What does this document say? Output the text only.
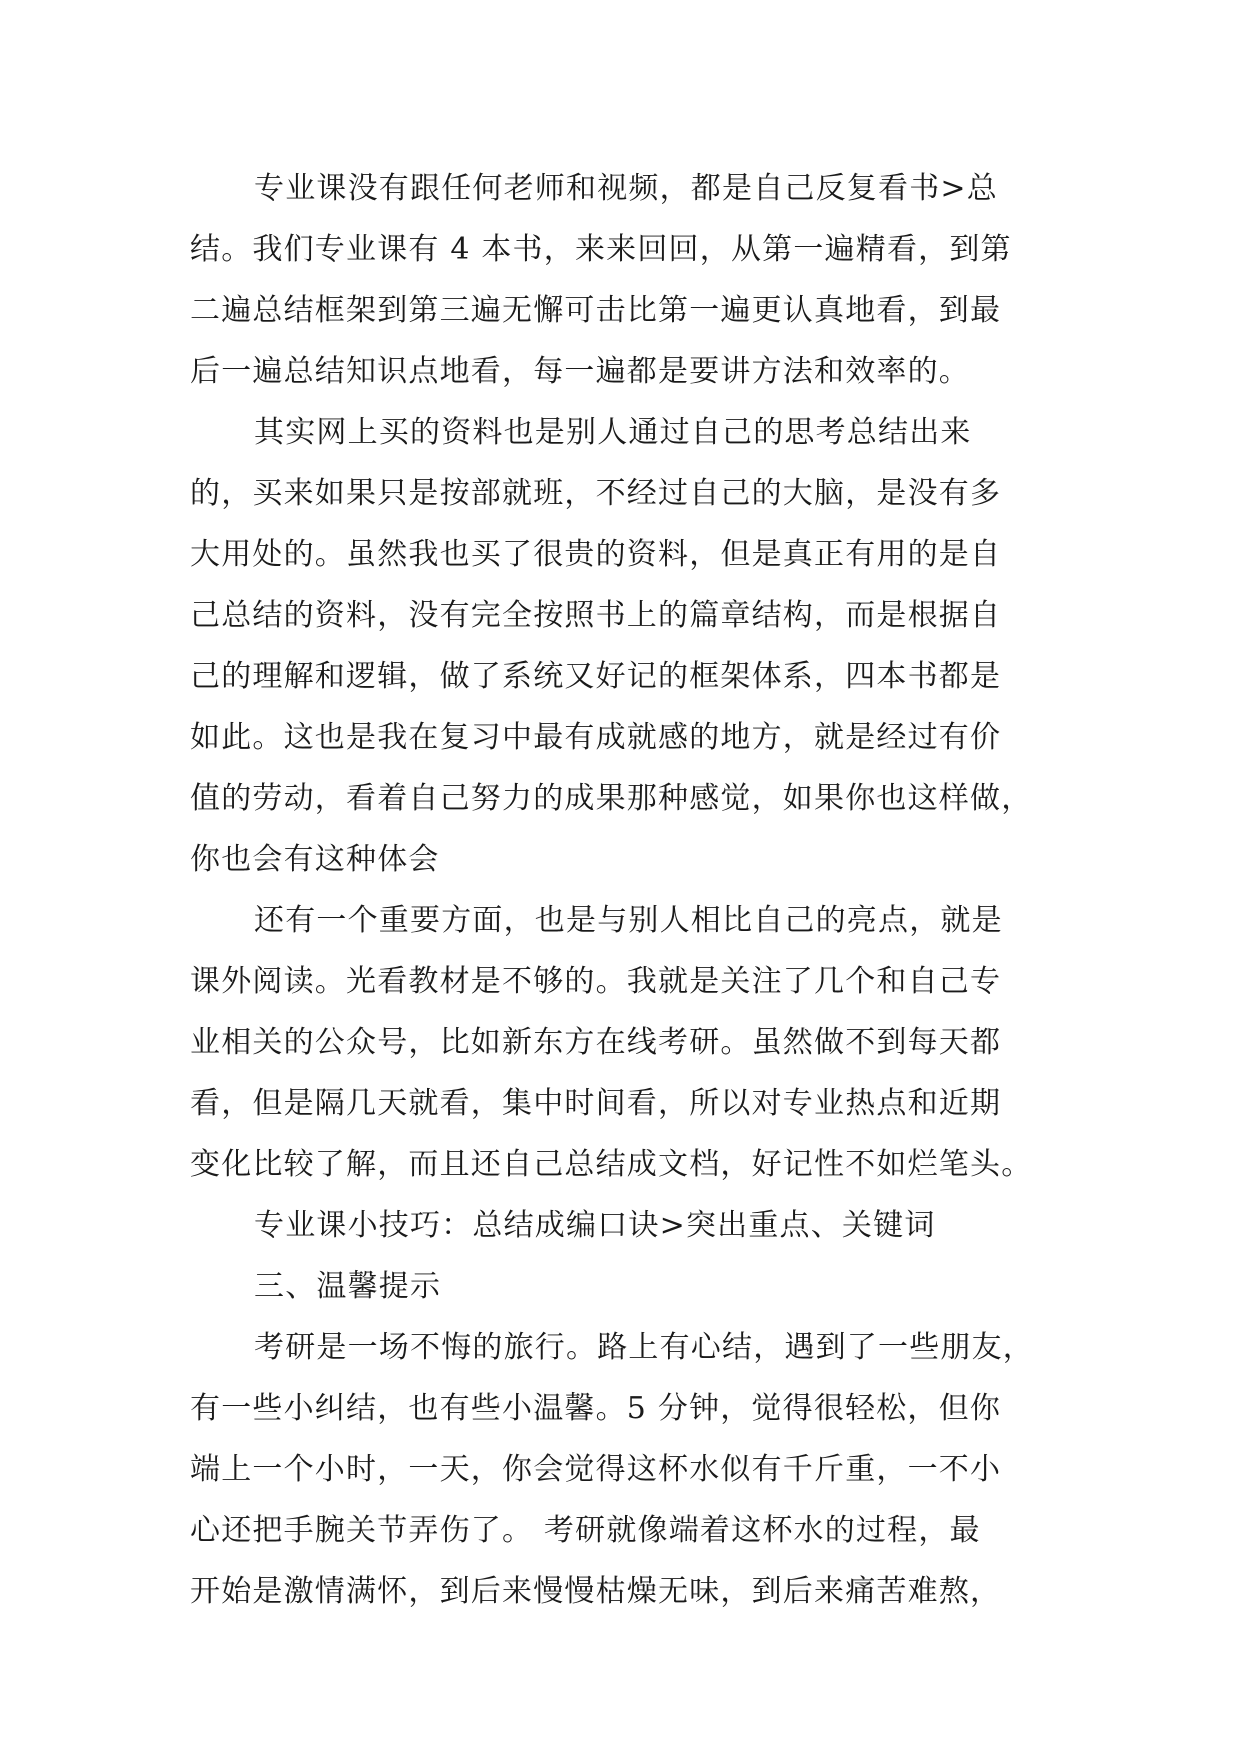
专业课没有跟任何老师和视频，都是自己反复看书>总
结。我们专业课有 4 本书，来来回回，从第一遍精看，到第
二遍总结框架到第三遍无懈可击比第一遍更认真地看，到最
后一遍总结知识点地看，每一遍都是要讲方法和效率的。
其实网上买的资料也是别人通过自己的思考总结出来
的，买来如果只是按部就班，不经过自己的大脑，是没有多
大用处的。虽然我也买了很贵的资料，但是真正有用的是自
己总结的资料，没有完全按照书上的篇章结构，而是根据自
己的理解和逻辑，做了系统又好记的框架体系，四本书都是
如此。这也是我在复习中最有成就感的地方，就是经过有价
值的劳动，看着自己努力的成果那种感觉，如果你也这样做，
你也会有这种体会
还有一个重要方面，也是与别人相比自己的亮点，就是
课外阅读。光看教材是不够的。我就是关注了几个和自己专
业相关的公众号，比如新东方在线考研。虽然做不到每天都
看，但是隔几天就看，集中时间看，所以对专业热点和近期
变化比较了解，而且还自己总结成文档，好记性不如烂笔头。
专业课小技巧：总结成编口诀>突出重点、关键词
三、温馨提示
考研是一场不悔的旅行。路上有心结，遇到了一些朋友，
有一些小纠结，也有些小温馨。5 分钟，觉得很轻松，但你
端上一个小时，一天，你会觉得这杯水似有千斤重，一不小
心还把手腕关节弄伤了。 考研就像端着这杯水的过程，最
开始是激情满怀，到后来慢慢枯燥无味，到后来痛苦难熬，
